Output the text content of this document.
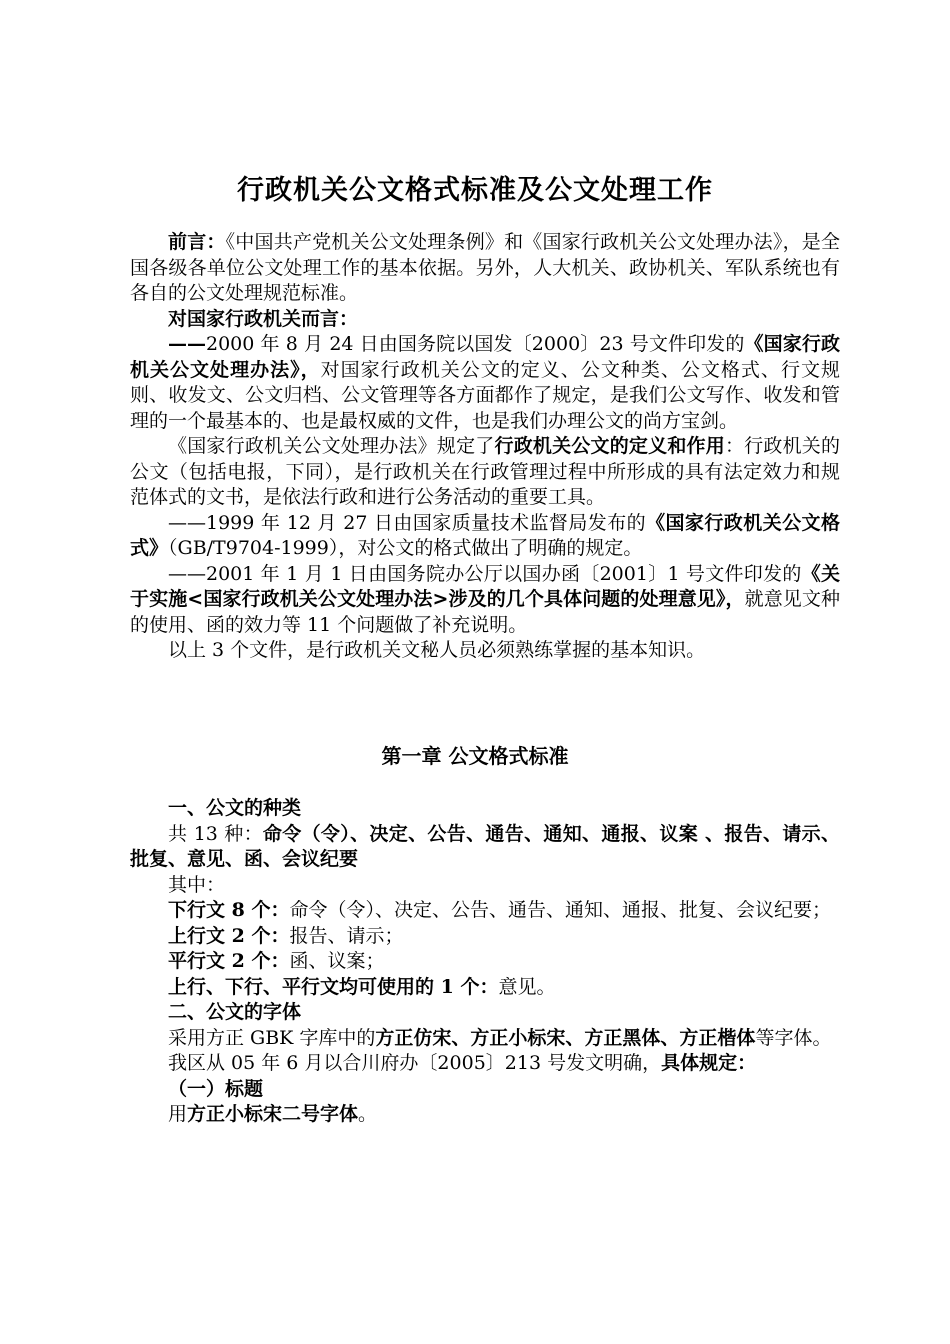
行政机关公文格式标准及公文处理工作

前言：《中国共产党机关公文处理条例》和《国家行政机关公文处理办法》，是全国各级各单位公文处理工作的基本依据。另外，人大机关、政协机关、军队系统也有各自的公文处理规范标准。

对国家行政机关而言：

——2000 年 8 月 24 日由国务院以国发〔2000〕23 号文件印发的《国家行政机关公文处理办法》，对国家行政机关公文的定义、公文种类、公文格式、行文规则、收发文、公文归档、公文管理等各方面都作了规定，是我们公文写作、收发和管理的一个最基本的、也是最权威的文件，也是我们办理公文的尚方宝剑。

《国家行政机关公文处理办法》规定了行政机关公文的定义和作用：行政机关的公文（包括电报，下同），是行政机关在行政管理过程中所形成的具有法定效力和规范体式的文书，是依法行政和进行公务活动的重要工具。

——1999 年 12 月 27 日由国家质量技术监督局发布的《国家行政机关公文格式》（GB/T9704-1999），对公文的格式做出了明确的规定。

——2001 年 1 月 1 日由国务院办公厅以国办函〔2001〕1 号文件印发的《关于实施<国家行政机关公文处理办法>涉及的几个具体问题的处理意见》，就意见文种的使用、函的效力等 11 个问题做了补充说明。

以上 3 个文件，是行政机关文秘人员必须熟练掌握的基本知识。

第一章 公文格式标准

一、公文的种类

共 13 种：命令（令）、决定、公告、通告、通知、通报、议案 、报告、请示、批复、意见、函、会议纪要

其中：

下行文 8 个：命令（令）、决定、公告、通告、通知、通报、批复、会议纪要；

上行文 2 个：报告、请示；

平行文 2 个：函、议案；

上行、下行、平行文均可使用的 1 个：意见。

二、公文的字体

采用方正 GBK 字库中的方正仿宋、方正小标宋、方正黑体、方正楷体等字体。

我区从 05 年 6 月以合川府办〔2005〕213 号发文明确，具体规定：

（一）标题

用方正小标宋二号字体。
